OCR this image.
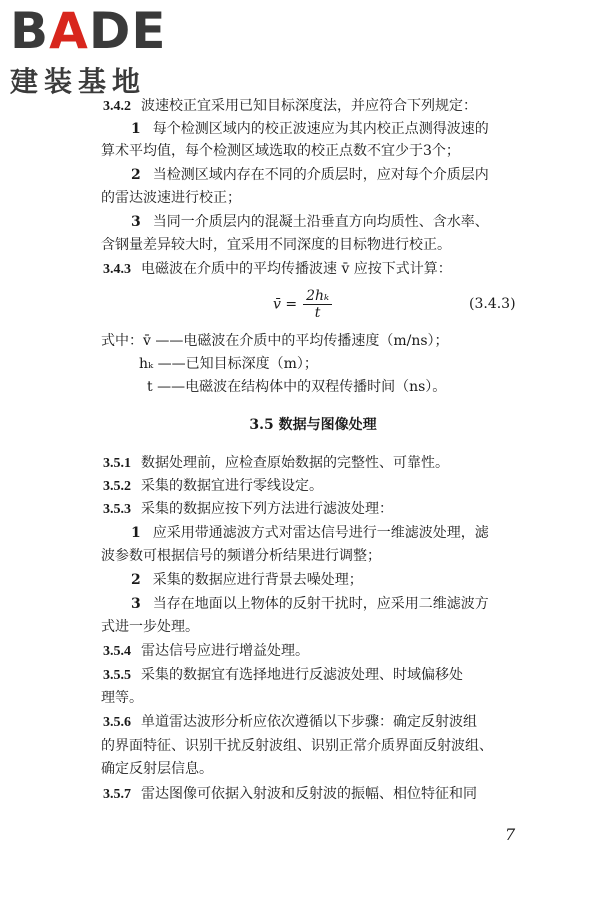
BADE
建装基地
3.4.2 波速校正宜采用已知目标深度法，并应符合下列规定：
1 每个检测区域内的校正波速应为其内校正点测得波速的
算术平均值，每个检测区域选取的校正点数不宜少于3个；
2 当检测区域内存在不同的介质层时，应对每个介质层内
的雷达波速进行校正；
3 当同一介质层内的混凝土沿垂直方向均质性、含水率、
含钢量差异较大时，宜采用不同深度的目标物进行校正。
3.4.3 电磁波在介质中的平均传播波速 v̄ 应按下式计算：
v̄ = $\frac{\text{2hₖ}}{t}$	(3.4.3)
式中：v̄ ——电磁波在介质中的平均传播速度（m/ns）；
hₖ ——已知目标深度（m）；
t ——电磁波在结构体中的双程传播时间（ns）。
3.5 数据与图像处理
3.5.1 数据处理前，应检查原始数据的完整性、可靠性。
3.5.2 采集的数据宜进行零线设定。
3.5.3 采集的数据应按下列方法进行滤波处理：
1 应采用带通滤波方式对雷达信号进行一维滤波处理，滤
波参数可根据信号的频谱分析结果进行调整；
2 采集的数据应进行背景去噪处理；
3 当存在地面以上物体的反射干扰时，应采用二维滤波方
式进一步处理。
3.5.4 雷达信号应进行增益处理。
3.5.5 采集的数据宜有选择地进行反滤波处理、时域偏移处
理等。
3.5.6 单道雷达波形分析应依次遵循以下步骤：确定反射波组
的界面特征、识别干扰反射波组、识别正常介质界面反射波组、
确定反射层信息。
3.5.7 雷达图像可依据入射波和反射波的振幅、相位特征和同
7
